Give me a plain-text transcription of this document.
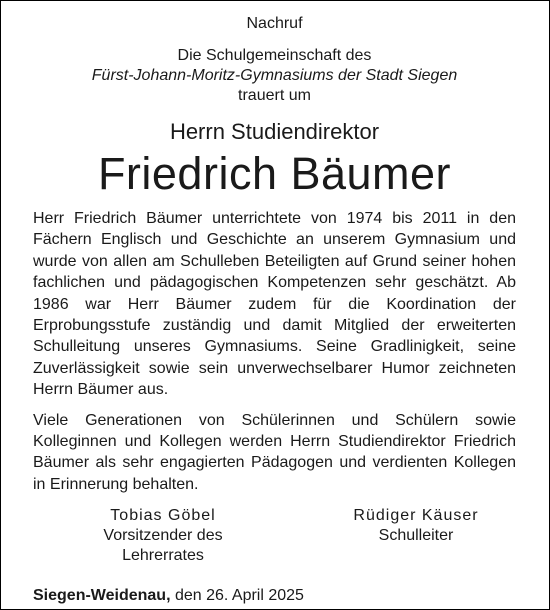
Nachruf
Die Schulgemeinschaft des
Fürst-Johann-Moritz-Gymnasiums der Stadt Siegen
trauert um
Herrn Studiendirektor
Friedrich Bäumer
Herr Friedrich Bäumer unterrichtete von 1974 bis 2011 in den Fächern Englisch und Geschichte an unserem Gymnasium und wurde von allen am Schulleben Beteiligten auf Grund seiner hohen fachlichen und pädagogischen Kompetenzen sehr geschätzt. Ab 1986 war Herr Bäumer zudem für die Koordination der Erprobungsstufe zuständig und damit Mitglied der erweiterten Schulleitung unseres Gymnasiums. Seine Gradlinigkeit, seine Zuverlässigkeit sowie sein unverwechselbarer Humor zeichneten Herrn Bäumer aus.
Viele Generationen von Schülerinnen und Schülern sowie Kolleginnen und Kollegen werden Herrn Studiendirektor Friedrich Bäumer als sehr engagierten Pädagogen und verdienten Kollegen in Erinnerung behalten.
Tobias Göbel
Vorsitzender des Lehrerrates
Rüdiger Käuser
Schulleiter
Siegen-Weidenau, den 26. April 2025
